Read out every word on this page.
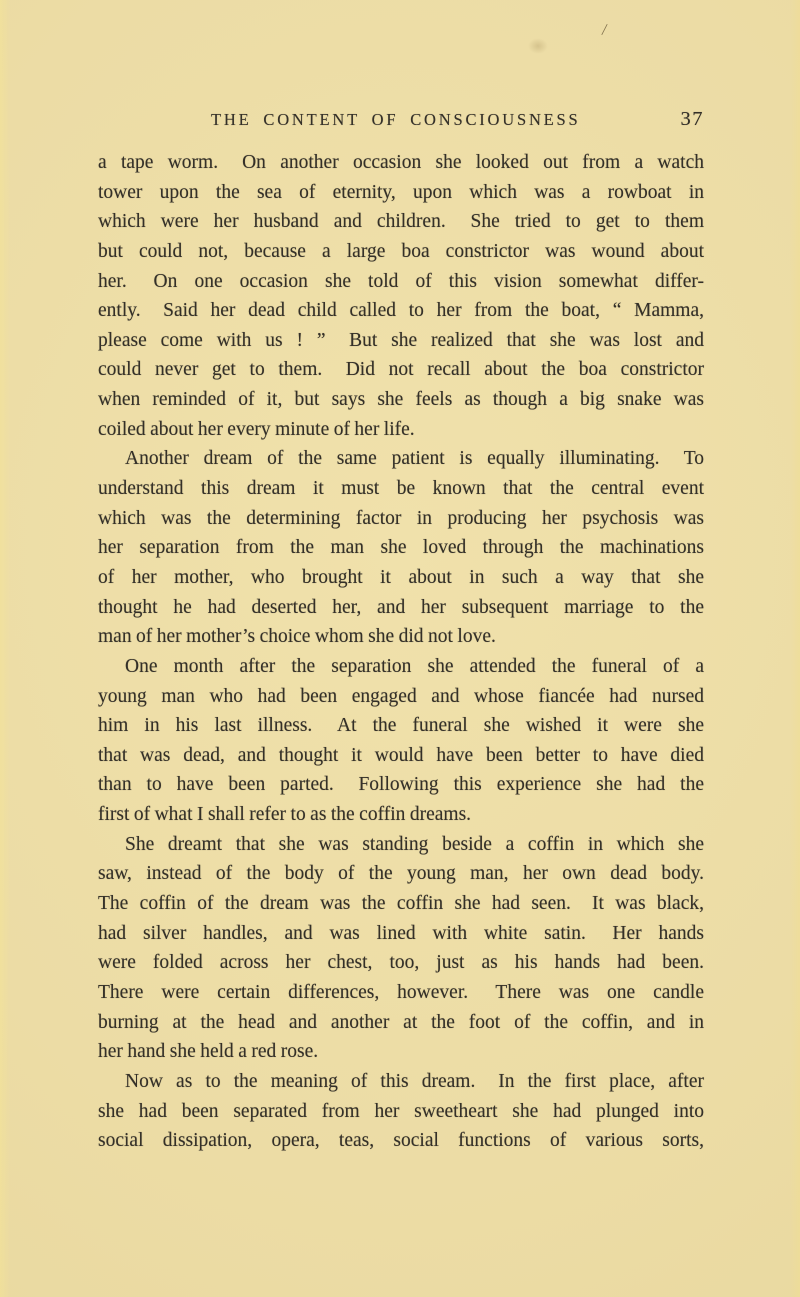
/
THE CONTENT OF CONSCIOUSNESS	37
a tape worm.  On another occasion she looked out from a watch
tower upon the sea of eternity, upon which was a rowboat in
which were her husband and children.  She tried to get to them
but could not, because a large boa constrictor was wound about
her.  On one occasion she told of this vision somewhat differ-
ently.  Said her dead child called to her from the boat, “ Mamma,
please come with us ! ”  But she realized that she was lost and
could never get to them.  Did not recall about the boa constrictor
when reminded of it, but says she feels as though a big snake was
coiled about her every minute of her life.
Another dream of the same patient is equally illuminating.  To
understand this dream it must be known that the central event
which was the determining factor in producing her psychosis was
her separation from the man she loved through the machinations
of her mother, who brought it about in such a way that she
thought he had deserted her, and her subsequent marriage to the
man of her mother’s choice whom she did not love.
One month after the separation she attended the funeral of a
young man who had been engaged and whose fiancée had nursed
him in his last illness.  At the funeral she wished it were she
that was dead, and thought it would have been better to have died
than to have been parted.  Following this experience she had the
first of what I shall refer to as the coffin dreams.
She dreamt that she was standing beside a coffin in which she
saw, instead of the body of the young man, her own dead body.
The coffin of the dream was the coffin she had seen.  It was black,
had silver handles, and was lined with white satin.  Her hands
were folded across her chest, too, just as his hands had been.
There were certain differences, however.  There was one candle
burning at the head and another at the foot of the coffin, and in
her hand she held a red rose.
Now as to the meaning of this dream.  In the first place, after
she had been separated from her sweetheart she had plunged into
social dissipation, opera, teas, social functions of various sorts,
